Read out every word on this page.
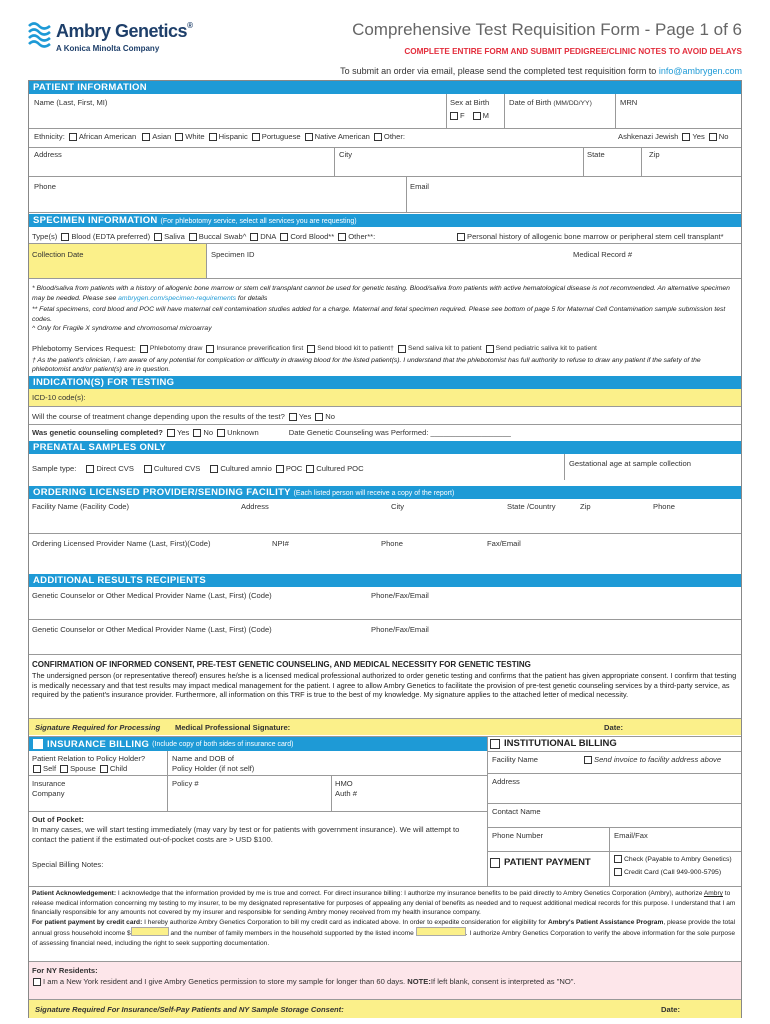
Ambry Genetics®
A Konica Minolta Company
Comprehensive Test Requisition Form - Page 1 of 6
COMPLETE ENTIRE FORM AND SUBMIT PEDIGREE/CLINIC NOTES TO AVOID DELAYS
To submit an order via email, please send the completed test requisition form to info@ambrygen.com
PATIENT INFORMATION
Name (Last, First, MI)	Sex at Birth
F M
Date of Birth (MM/DD/YY)	MRN
Ethnicity: African American Asian White Hispanic Portuguese Native American Other:	Ashkenazi Jewish Yes No
Address	City	State	Zip
Phone	Email
SPECIMEN INFORMATION (For phlebotomy service, select all services you are requesting)
Type(s) Blood (EDTA preferred) Saliva Buccal Swab^ DNA Cord Blood** Other**:	Personal history of allogenic bone marrow or peripheral stem cell transplant*
Collection Date	Specimen ID	Medical Record #
* Blood/saliva from patients with a history of allogenic bone marrow or stem cell transplant cannot be used for genetic testing. Blood/saliva from patients with active hematological disease is not recommended. An alternative specimen may be needed. Please see ambrygen.com/specimen-requirements for details
** Fetal specimens, cord blood and POC will have maternal cell contamination studies added for a charge. Maternal and fetal specimen required. Please see bottom of page 5 for Maternal Cell Contamination sample submission test codes.
^ Only for Fragile X syndrome and chromosomal microarray
Phlebotomy Services Request: Phlebotomy draw Insurance preverification first Send blood kit to patient† Send saliva kit to patient Send pediatric saliva kit to patient
† As the patient's clinician, I am aware of any potential for complication or difficulty in drawing blood for the listed patient(s). I understand that the phlebotomist has full authority to refuse to draw any patient if the safety of the phlebotomist and/or patient(s) are in question.
INDICATION(S) FOR TESTING
ICD-10 code(s):
Will the course of treatment change depending upon the results of the test? Yes No
Was genetic counseling completed? Yes No Unknown	Date Genetic Counseling was Performed: ___________________
PRENATAL SAMPLES ONLY
Sample type:	Direct CVS	Cultured CVS	Cultured amnio POC Cultured POC
Gestational age at sample collection
ORDERING LICENSED PROVIDER/SENDING FACILITY (Each listed person will receive a copy of the report)
Facility Name (Facility Code)	Address	City	State /Country	Zip	Phone
Ordering Licensed Provider Name (Last, First)(Code)	NPI#	Phone	Fax/Email
ADDITIONAL RESULTS RECIPIENTS
Genetic Counselor or Other Medical Provider Name (Last, First) (Code)	Phone/Fax/Email
Genetic Counselor or Other Medical Provider Name (Last, First) (Code)	Phone/Fax/Email
CONFIRMATION OF INFORMED CONSENT, PRE-TEST GENETIC COUNSELING, AND MEDICAL NECESSITY FOR GENETIC TESTING
The undersigned person (or representative thereof) ensures he/she is a licensed medical professional authorized to order genetic testing and confirms that the patient has given appropriate consent. I confirm that testing is medically necessary and that test results may impact medical management for the patient. I agree to allow Ambry Genetics to facilitate the provision of pre-test genetic counseling services by a third-party service, as required by the patient's insurance provider. Furthermore, all information on this TRF is true to the best of my knowledge. My signature applies to the attached letter of medical necessity.
Signature Required for Processing Medical Professional Signature:	Date:
INSURANCE BILLING
(Include copy of both sides of insurance card)
Patient Relation to Policy Holder?
Self Spouse Child
Name and DOB of
Policy Holder (if not self)
Insurance
Company
Policy #	HMO
Auth #
Out of Pocket:
In many cases, we will start testing immediately (may vary by test or for patients with government insurance). We will attempt to contact the patient if the estimated out-of-pocket costs are > USD $100.
Special Billing Notes:
INSTITUTIONAL BILLING
Facility Name	Send invoice to facility address above
Address
Contact Name
Phone Number	Email/Fax
PATIENT PAYMENT	Check (Payable to Ambry Genetics)
Credit Card (Call 949-900-5795)
Patient Acknowledgement: I acknowledge that the information provided by me is true and correct. For direct insurance billing: I authorize my insurance benefits to be paid directly to Ambry Genetics Corporation (Ambry), authorize Ambry to release medical information concerning my testing to my insurer, to be my designated representative for purposes of appealing any denial of benefits as needed and to request additional medical records for this purpose. I understand that I am financially responsible for any amounts not covered by my insurer and responsible for sending Ambry money received from my health insurance company.
For patient payment by credit card: I hereby authorize Ambry Genetics Corporation to bill my credit card as indicated above. In order to expedite consideration for eligibility for Ambry's Patient Assistance Program, please provide the total annual gross household income $	and the number of family members in the household supported by the listed income	. I authorize Ambry Genetics Corporation to verify the above information for the sole purpose of assessing financial need, including the right to seek supporting documentation.
For NY Residents:
I am a New York resident and I give Ambry Genetics permission to store my sample for longer than 60 days.
NOTE: If left blank, consent is interpreted as "NO".
Signature Required For Insurance/Self-Pay Patients and NY Sample Storage Consent:	Date:
